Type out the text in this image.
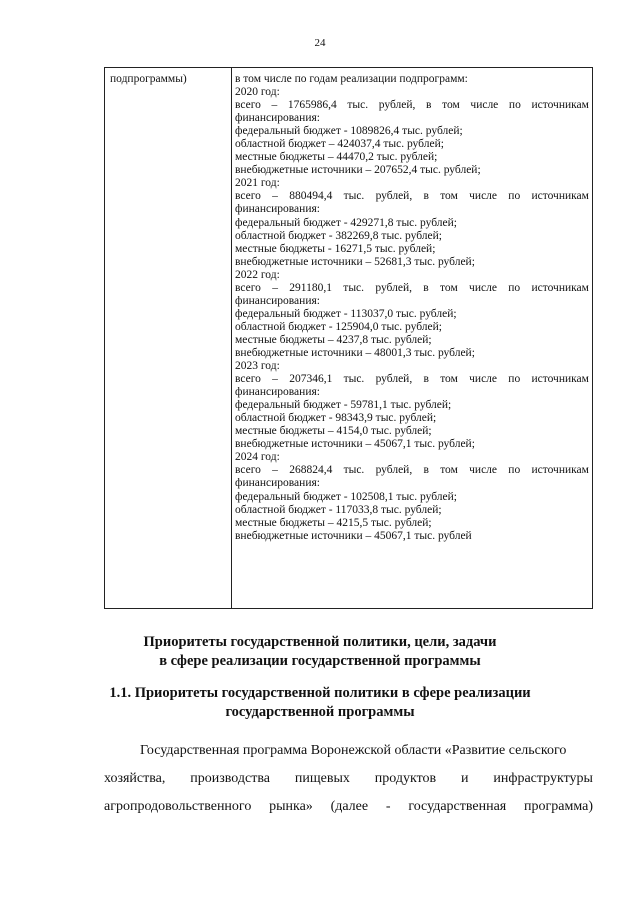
24
подпрограммы)	в том числе по годам реализации подпрограмм:
2020 год:
всего – 1765986,4 тыс. рублей, в том числе по источникам
финансирования:
федеральный бюджет - 1089826,4 тыс. рублей;
областной бюджет – 424037,4 тыс. рублей;
местные бюджеты – 44470,2 тыс. рублей;
внебюджетные источники – 207652,4 тыс. рублей;
2021 год:
всего – 880494,4 тыс. рублей, в том числе по источникам
финансирования:
федеральный бюджет - 429271,8 тыс. рублей;
областной бюджет - 382269,8 тыс. рублей;
местные бюджеты - 16271,5 тыс. рублей;
внебюджетные источники – 52681,3 тыс. рублей;
2022 год:
всего – 291180,1 тыс. рублей, в том числе по источникам
финансирования:
федеральный бюджет - 113037,0 тыс. рублей;
областной бюджет - 125904,0 тыс. рублей;
местные бюджеты – 4237,8 тыс. рублей;
внебюджетные источники – 48001,3 тыс. рублей;
2023 год:
всего – 207346,1 тыс. рублей, в том числе по источникам
финансирования:
федеральный бюджет - 59781,1 тыс. рублей;
областной бюджет - 98343,9 тыс. рублей;
местные бюджеты – 4154,0 тыс. рублей;
внебюджетные источники – 45067,1 тыс. рублей;
2024 год:
всего – 268824,4 тыс. рублей, в том числе по источникам
финансирования:
федеральный бюджет - 102508,1 тыс. рублей;
областной бюджет - 117033,8 тыс. рублей;
местные бюджеты – 4215,5 тыс. рублей;
внебюджетные источники – 45067,1 тыс. рублей
Приоритеты государственной политики, цели, задачи
в сфере реализации государственной программы
1.1. Приоритеты государственной политики в сфере реализации
государственной программы
Государственная программа Воронежской области «Развитие сельского
хозяйства, производства пищевых продуктов и инфраструктуры
агропродовольственного рынка» (далее - государственная программа)
